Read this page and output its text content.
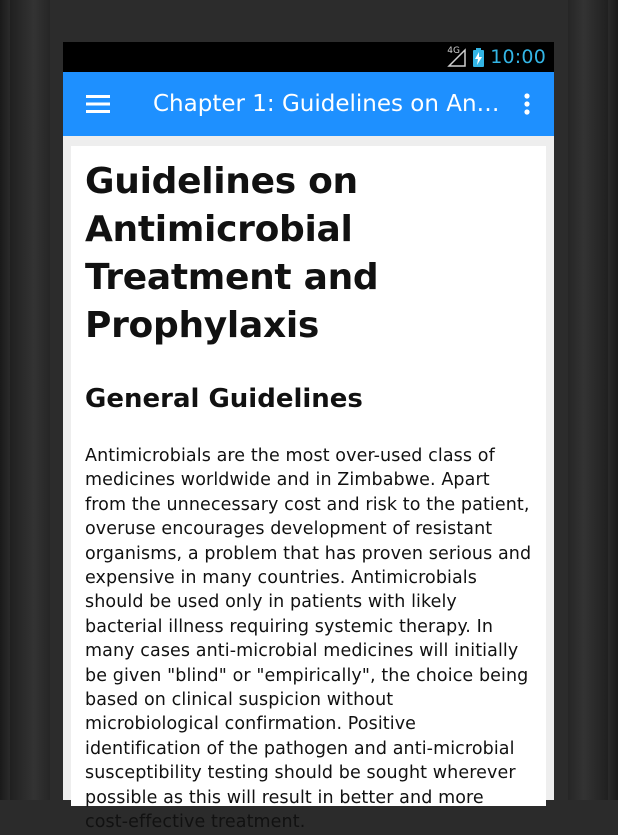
4G 10:00
Chapter 1: Guidelines on An…
Guidelines on Antimicrobial Treatment and Prophylaxis
General Guidelines

Antimicrobials are the most over-used class of medicines worldwide and in Zimbabwe. Apart from the unnecessary cost and risk to the patient, overuse encourages development of resistant organisms, a problem that has proven serious and expensive in many countries. Antimicrobials should be used only in patients with likely bacterial illness requiring systemic therapy. In many cases anti-microbial medicines will initially be given "blind" or "empirically", the choice being based on clinical suspicion without microbiological confirmation. Positive identification of the pathogen and anti-microbial susceptibility testing should be sought wherever possible as this will result in better and more cost-effective treatment.
